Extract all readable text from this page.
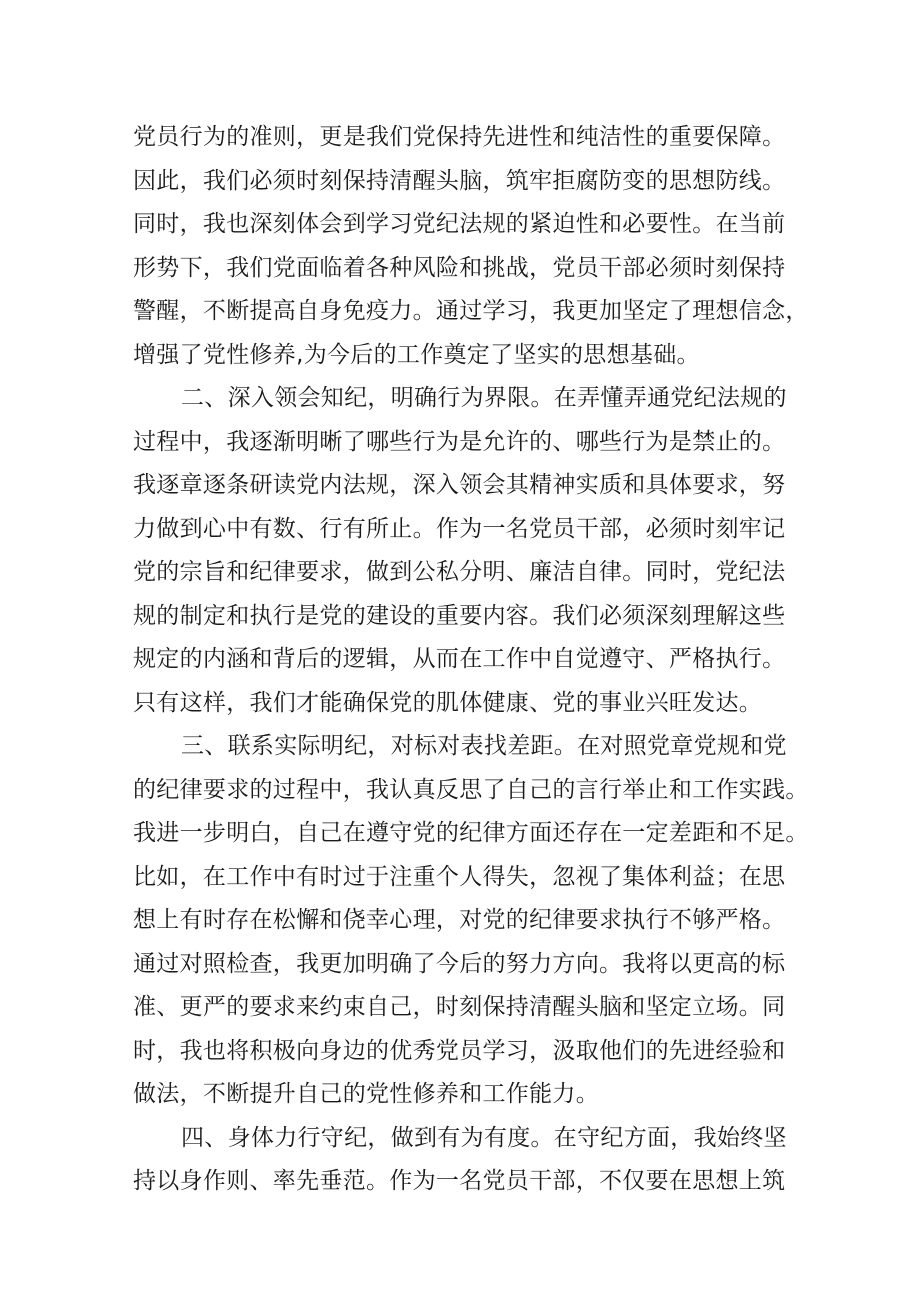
党员行为的准则，更是我们党保持先进性和纯洁性的重要保障。
因此，我们必须时刻保持清醒头脑，筑牢拒腐防变的思想防线。
同时，我也深刻体会到学习党纪法规的紧迫性和必要性。在当前
形势下，我们党面临着各种风险和挑战，党员干部必须时刻保持
警醒，不断提高自身免疫力。通过学习，我更加坚定了理想信念，
增强了党性修养,为今后的工作奠定了坚实的思想基础。
二、深入领会知纪，明确行为界限。在弄懂弄通党纪法规的
过程中，我逐渐明晰了哪些行为是允许的、哪些行为是禁止的。
我逐章逐条研读党内法规，深入领会其精神实质和具体要求，努
力做到心中有数、行有所止。作为一名党员干部，必须时刻牢记
党的宗旨和纪律要求，做到公私分明、廉洁自律。同时，党纪法
规的制定和执行是党的建设的重要内容。我们必须深刻理解这些
规定的内涵和背后的逻辑，从而在工作中自觉遵守、严格执行。
只有这样，我们才能确保党的肌体健康、党的事业兴旺发达。
三、联系实际明纪，对标对表找差距。在对照党章党规和党
的纪律要求的过程中，我认真反思了自己的言行举止和工作实践。
我进一步明白，自己在遵守党的纪律方面还存在一定差距和不足。
比如，在工作中有时过于注重个人得失，忽视了集体利益；在思
想上有时存在松懈和侥幸心理，对党的纪律要求执行不够严格。
通过对照检查，我更加明确了今后的努力方向。我将以更高的标
准、更严的要求来约束自己，时刻保持清醒头脑和坚定立场。同
时，我也将积极向身边的优秀党员学习，汲取他们的先进经验和
做法，不断提升自己的党性修养和工作能力。
四、身体力行守纪，做到有为有度。在守纪方面，我始终坚
持以身作则、率先垂范。作为一名党员干部，不仅要在思想上筑
